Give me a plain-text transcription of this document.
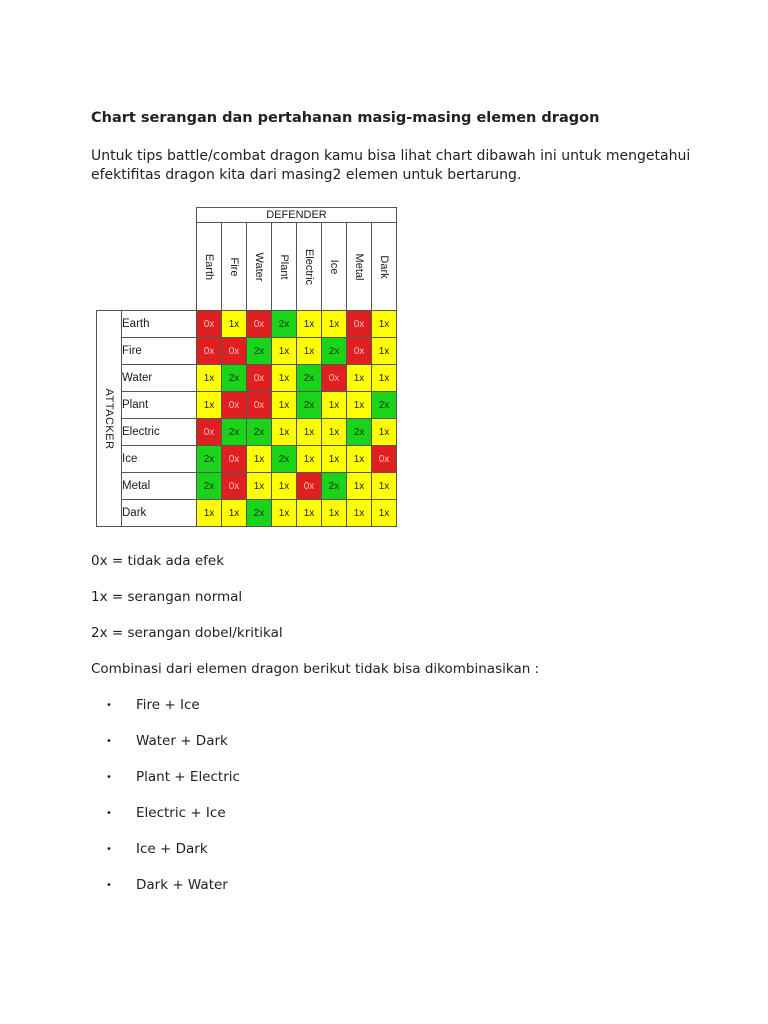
Chart serangan dan pertahanan masig-masing elemen dragon
Untuk tips battle/combat dragon kamu bisa lihat chart dibawah ini untuk mengetahui efektifitas dragon kita dari masing2 elemen untuk bertarung.
		DEFENDER							

		Earth	Fire	Water	Plant	Electric	Ice	Metal	Dark

ATTACKER	Earth	0x	1x	0x	2x	1x	1x	0x	1x
	Fire	0x	0x	2x	1x	1x	2x	0x	1x
	Water	1x	2x	0x	1x	2x	0x	1x	1x
	Plant	1x	0x	0x	1x	2x	1x	1x	2x
	Electric	0x	2x	2x	1x	1x	1x	2x	1x
	Ice	2x	0x	1x	2x	1x	1x	1x	0x
	Metal	2x	0x	1x	1x	0x	2x	1x	1x
	Dark	1x	1x	2x	1x	1x	1x	1x	1x
0x = tidak ada efek
1x = serangan normal
2x = serangan dobel/kritikal
Combinasi dari elemen dragon berikut tidak bisa dikombinasikan :
•	Fire + Ice
•	Water + Dark
•	Plant + Electric
•	Electric + Ice
•	Ice + Dark
•	Dark + Water
